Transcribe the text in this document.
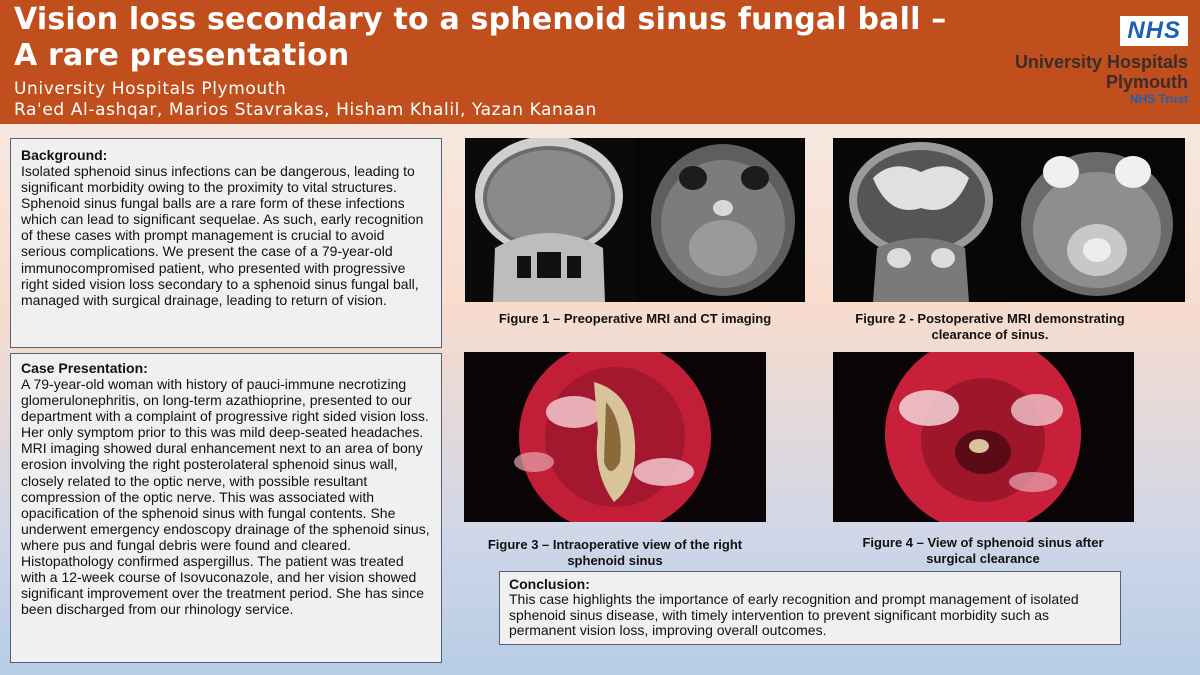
Vision loss secondary to a sphenoid sinus fungal ball – A rare presentation
University Hospitals Plymouth
Ra'ed Al-ashqar, Marios Stavrakas, Hisham Khalil, Yazan Kanaan
NHS
University Hospitals
Plymouth
NHS Trust
Background:

Isolated sphenoid sinus infections can be dangerous, leading to significant morbidity owing to the proximity to vital structures. Sphenoid sinus fungal balls are a rare form of these infections which can lead to significant sequelae. As such, early recognition of these cases with prompt management is crucial to avoid serious complications. We present the case of a 79-year-old immunocompromised patient, who presented with progressive right sided vision loss secondary to a sphenoid sinus fungal ball, managed with surgical drainage, leading to return of vision.

Case Presentation:

A 79-year-old woman with history of pauci-immune necrotizing glomerulonephritis, on long-term azathioprine, presented to our department with a complaint of progressive right sided vision loss. Her only symptom prior to this was mild deep-seated headaches. MRI imaging showed dural enhancement next to an area of bony erosion involving the right posterolateral sphenoid sinus wall, closely related to the optic nerve, with possible resultant compression of the optic nerve. This was associated with opacification of the sphenoid sinus with fungal contents. She underwent emergency endoscopy drainage of the sphenoid sinus, where pus and fungal debris were found and cleared. Histopathology confirmed aspergillus. The patient was treated with a 12-week course of Isovuconazole, and her vision showed significant improvement over the treatment period. She has since been discharged from our rhinology service.

Figure 1 – Preoperative MRI and CT imaging	Figure 2 - Postoperative MRI demonstrating clearance of sinus.
Figure 3 – Intraoperative view of the right sphenoid sinus
Figure 4 – View of sphenoid sinus after surgical clearance
Conclusion:

This case highlights the importance of early recognition and prompt management of isolated sphenoid sinus disease, with timely intervention to prevent significant morbidity such as permanent vision loss, improving overall outcomes.
